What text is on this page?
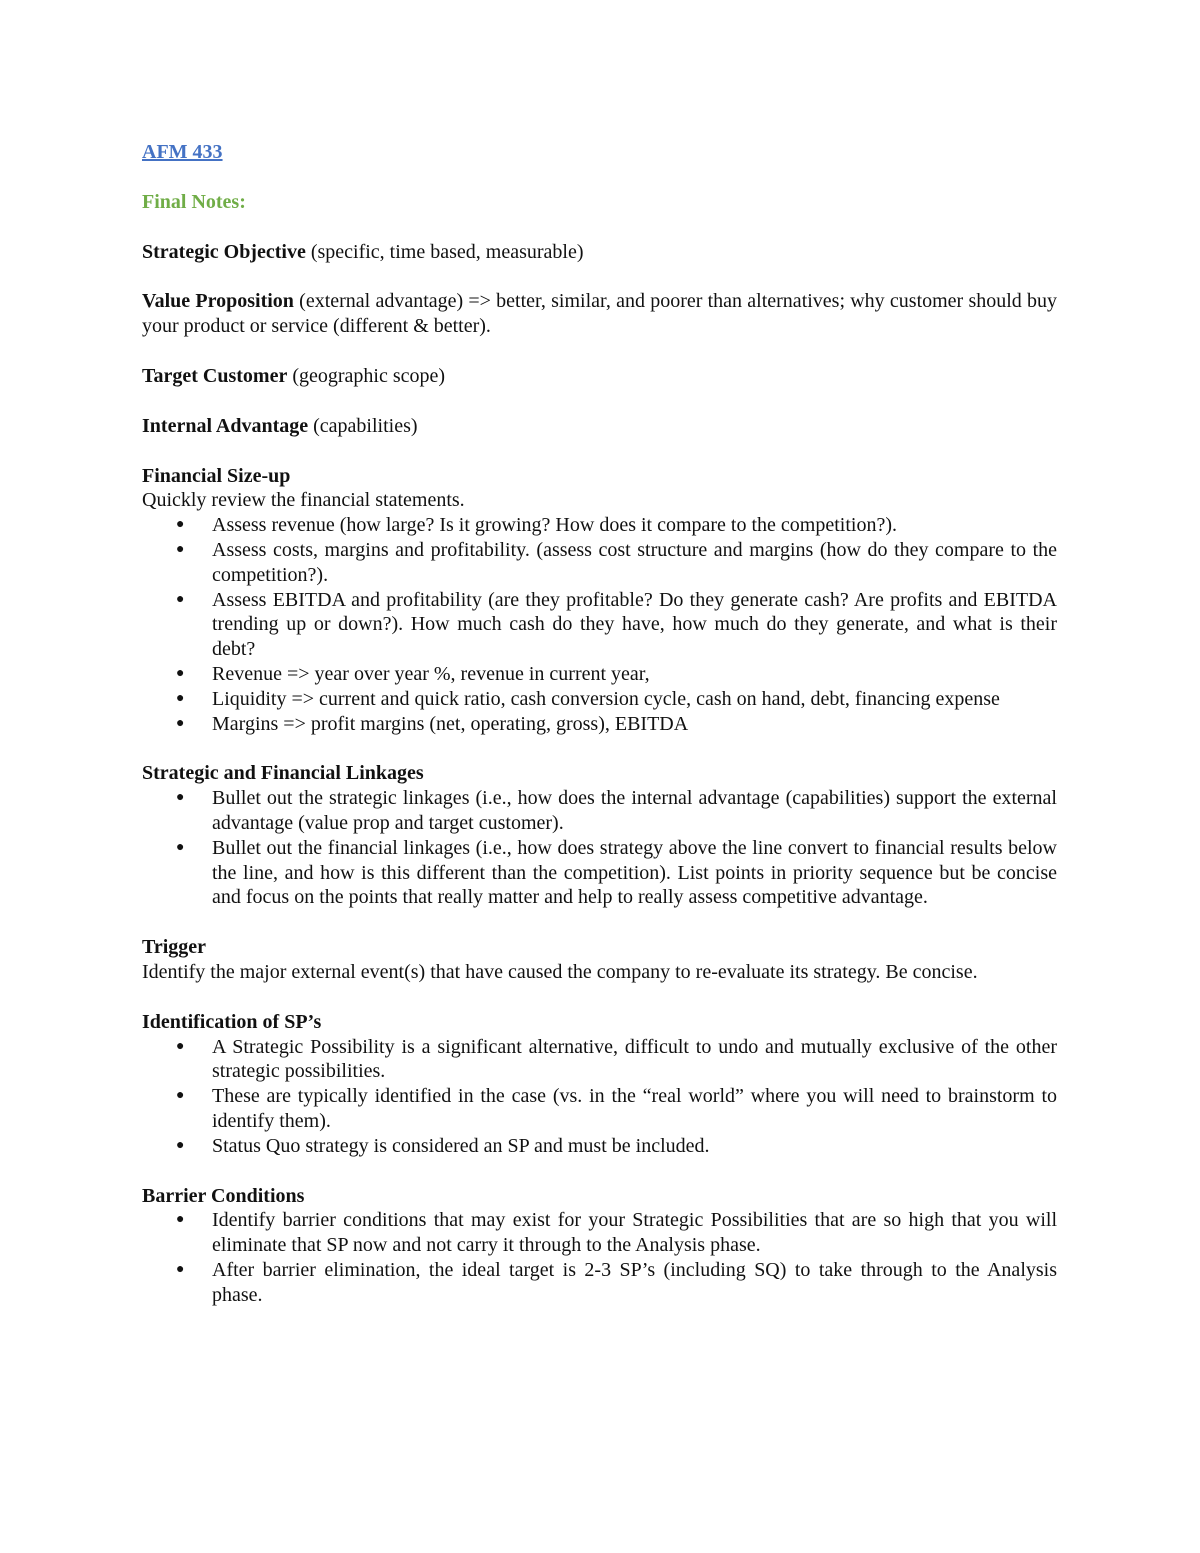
AFM 433

Final Notes:

Strategic Objective (specific, time based, measurable)

Value Proposition (external advantage) => better, similar, and poorer than alternatives; why customer should buy your product or service (different & better).

Target Customer (geographic scope)

Internal Advantage (capabilities)

Financial Size-up

Quickly review the financial statements.

● Assess revenue (how large? Is it growing? How does it compare to the competition?).
● Assess costs, margins and profitability. (assess cost structure and margins (how do they compare to the competition?).
● Assess EBITDA and profitability (are they profitable? Do they generate cash? Are profits and EBITDA trending up or down?). How much cash do they have, how much do they generate, and what is their debt?
● Revenue => year over year %, revenue in current year,
● Liquidity => current and quick ratio, cash conversion cycle, cash on hand, debt, financing expense
● Margins => profit margins (net, operating, gross), EBITDA

Strategic and Financial Linkages

● Bullet out the strategic linkages (i.e., how does the internal advantage (capabilities) support the external advantage (value prop and target customer).
● Bullet out the financial linkages (i.e., how does strategy above the line convert to financial results below the line, and how is this different than the competition). List points in priority sequence but be concise and focus on the points that really matter and help to really assess competitive advantage.

Trigger

Identify the major external event(s) that have caused the company to re-evaluate its strategy. Be concise.

Identification of SP’s

● A Strategic Possibility is a significant alternative, difficult to undo and mutually exclusive of the other strategic possibilities.
● These are typically identified in the case (vs. in the “real world” where you will need to brainstorm to identify them).
● Status Quo strategy is considered an SP and must be included.

Barrier Conditions

● Identify barrier conditions that may exist for your Strategic Possibilities that are so high that you will eliminate that SP now and not carry it through to the Analysis phase.
● After barrier elimination, the ideal target is 2-3 SP’s (including SQ) to take through to the Analysis phase.
